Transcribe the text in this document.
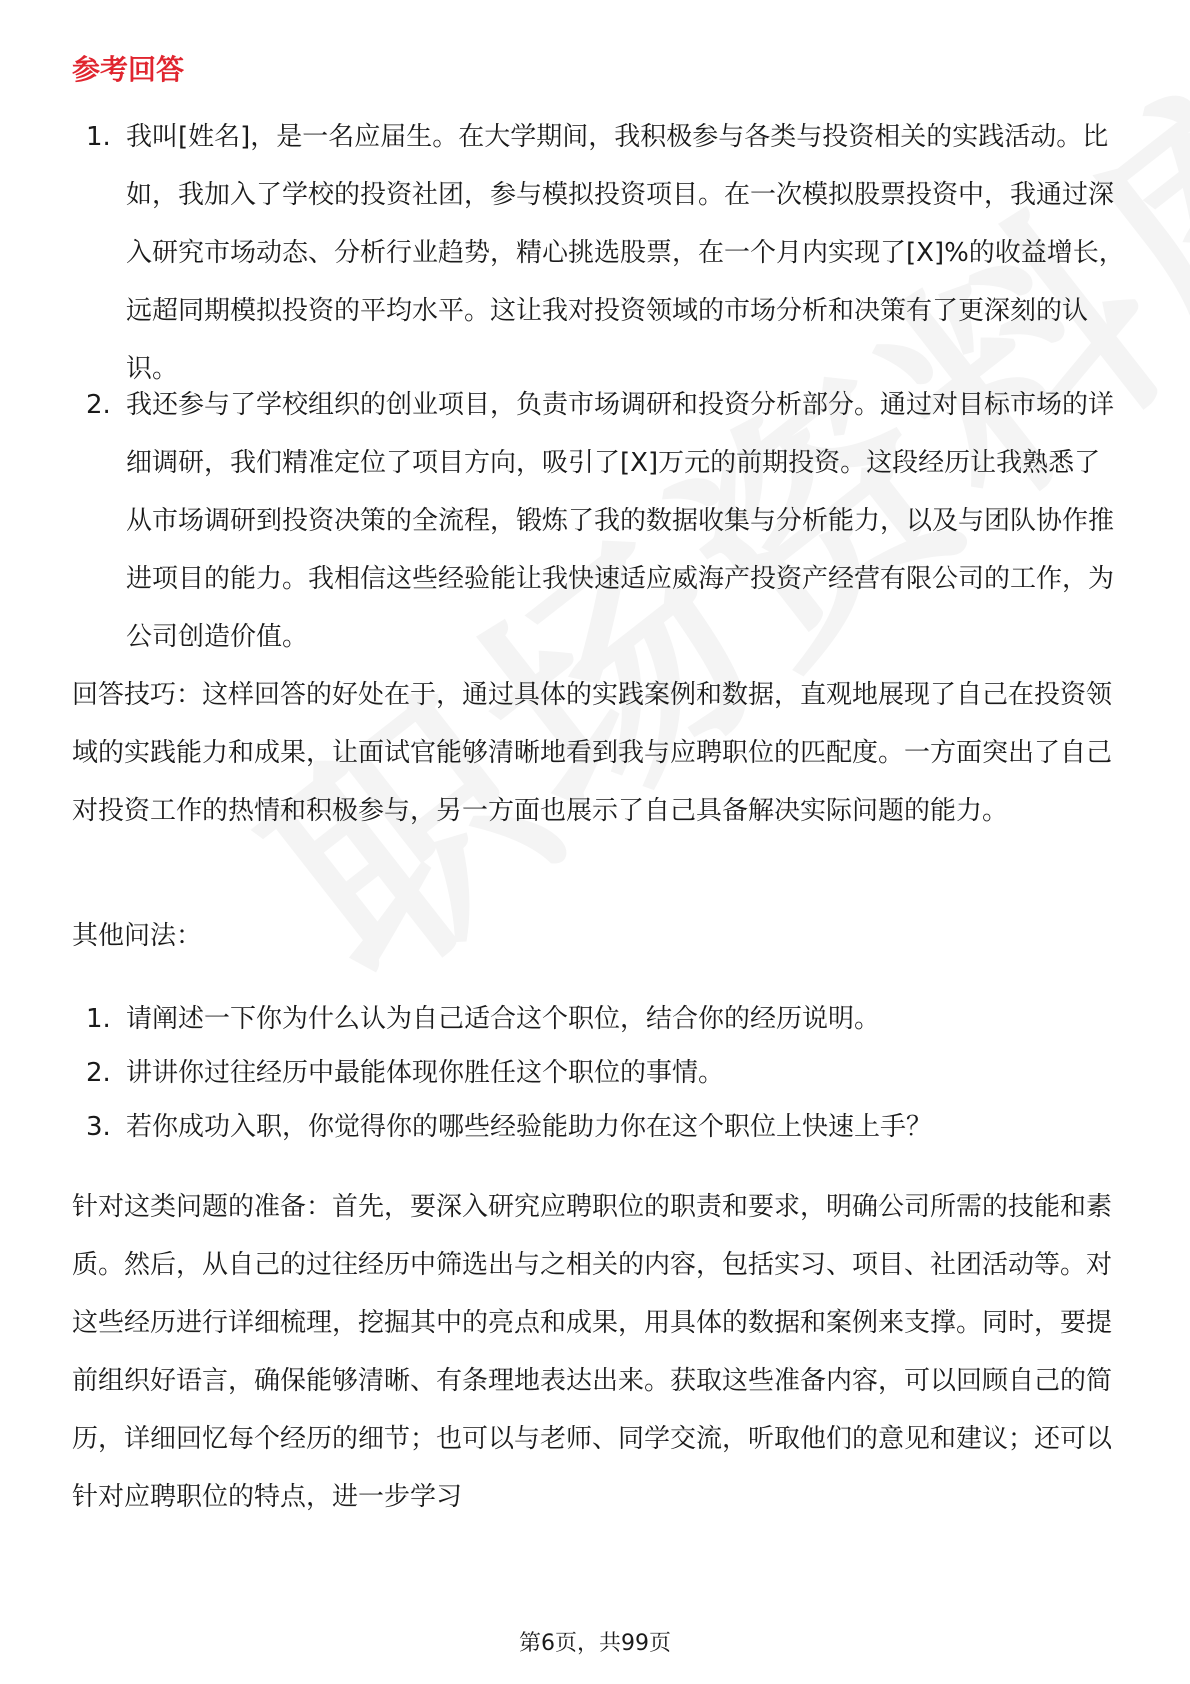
参考回答
1. 我叫[姓名]，是一名应届生。在大学期间，我积极参与各类与投资相关的实践活动。比如，我加入了学校的投资社团，参与模拟投资项目。在一次模拟股票投资中，我通过深入研究市场动态、分析行业趋势，精心挑选股票，在一个月内实现了[X]%的收益增长，远超同期模拟投资的平均水平。这让我对投资领域的市场分析和决策有了更深刻的认识。
2. 我还参与了学校组织的创业项目，负责市场调研和投资分析部分。通过对目标市场的详细调研，我们精准定位了项目方向，吸引了[X]万元的前期投资。这段经历让我熟悉了从市场调研到投资决策的全流程，锻炼了我的数据收集与分析能力，以及与团队协作推进项目的能力。我相信这些经验能让我快速适应威海产投资产经营有限公司的工作，为公司创造价值。

回答技巧：这样回答的好处在于，通过具体的实践案例和数据，直观地展现了自己在投资领域的实践能力和成果，让面试官能够清晰地看到我与应聘职位的匹配度。一方面突出了自己对投资工作的热情和积极参与，另一方面也展示了自己具备解决实际问题的能力。

其他问法：

1. 请阐述一下你为什么认为自己适合这个职位，结合你的经历说明。
2. 讲讲你过往经历中最能体现你胜任这个职位的事情。
3. 若你成功入职，你觉得你的哪些经验能助力你在这个职位上快速上手？

针对这类问题的准备：首先，要深入研究应聘职位的职责和要求，明确公司所需的技能和素质。然后，从自己的过往经历中筛选出与之相关的内容，包括实习、项目、社团活动等。对这些经历进行详细梳理，挖掘其中的亮点和成果，用具体的数据和案例来支撑。同时，要提前组织好语言，确保能够清晰、有条理地表达出来。获取这些准备内容，可以回顾自己的简历，详细回忆每个经历的细节；也可以与老师、同学交流，听取他们的意见和建议；还可以针对应聘职位的特点，进一步学习

第6页，共99页
